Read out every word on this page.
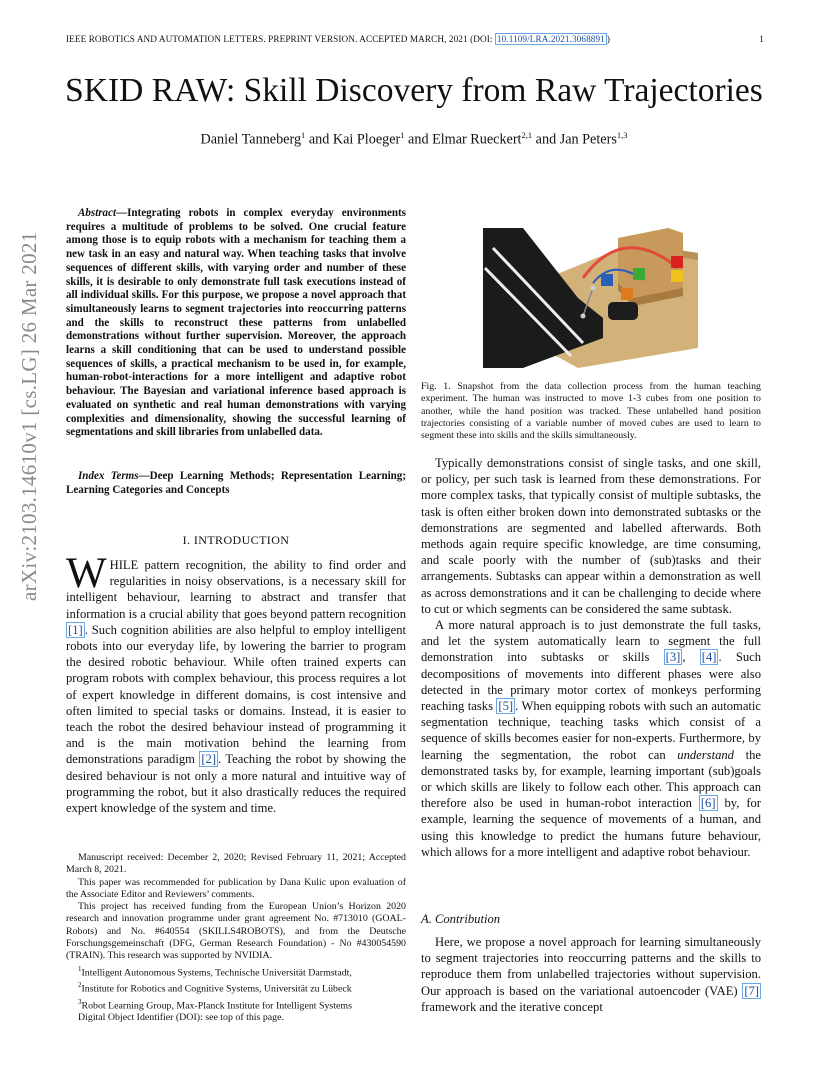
IEEE ROBOTICS AND AUTOMATION LETTERS. PREPRINT VERSION. ACCEPTED MARCH, 2021 (DOI: 10.1109/LRA.2021.3068891 )	1
SKID RAW: Skill Discovery from Raw Trajectories
Daniel Tanneberg$^1$ and Kai Ploeger$^1$ and Elmar Rueckert$^{2,1}$ and Jan Peters$^{1,3}$
arXiv:2103.14610v1 [cs.LG] 26 Mar 2021
Abstract—Integrating robots in complex everyday environments requires a multitude of problems to be solved. One crucial feature among those is to equip robots with a mechanism for teaching them a new task in an easy and natural way. When teaching tasks that involve sequences of different skills, with varying order and number of these skills, it is desirable to only demonstrate full task executions instead of all individual skills. For this purpose, we propose a novel approach that simultaneously learns to segment trajectories into reoccurring patterns and the skills to reconstruct these patterns from unlabelled demonstrations without further supervision. Moreover, the approach learns a skill conditioning that can be used to understand possible sequences of skills, a practical mechanism to be used in, for example, human-robot-interactions for a more intelligent and adaptive robot behaviour. The Bayesian and variational inference based approach is evaluated on synthetic and real human demonstrations with varying complexities and dimensionality, showing the successful learning of segmentations and skill libraries from unlabelled data.
Index Terms—Deep Learning Methods; Representation Learning; Learning Categories and Concepts
I. INTRODUCTION
WHILE pattern recognition, the ability to find order and regularities in noisy observations, is a necessary skill for intelligent behaviour, learning to abstract and transfer that information is a crucial ability that goes beyond pattern recognition [1] . Such cognition abilities are also helpful to employ intelligent robots into our everyday life, by lowering the barrier to program the desired robotic behaviour. While often trained experts can program robots with complex behaviour, this process requires a lot of expert knowledge in different domains, is cost intensive and often limited to special tasks or domains. Instead, it is easier to teach the robot the desired behaviour instead of programming it and is the main motivation behind the learning from demonstrations paradigm [2] . Teaching the robot by showing the desired behaviour is not only a more natural and intuitive way of programming the robot, but it also drastically reduces the required expert knowledge of the system and time.

Manuscript received: December 2, 2020; Revised February 11, 2021; Accepted March 8, 2021.

This paper was recommended for publication by Dana Kulic upon evaluation of the Associate Editor and Reviewers’ comments.

This project has received funding from the European Union’s Horizon 2020 research and innovation programme under grant agreement No. #713010 (GOAL-Robots) and No. #640554 (SKILLS4ROBOTS), and from the Deutsche Forschungsgemeinschaft (DFG, German Research Foundation) - No #430054590 (TRAIN). This research was supported by NVIDIA.

$^1$Intelligent Autonomous Systems, Technische Universität Darmstadt,

$^2$Institute for Robotics and Cognitive Systems, Universität zu Lübeck

$^3$Robot Learning Group, Max-Planck Institute for Intelligent Systems

Digital Object Identifier (DOI): see top of this page.

Fig. 1. Snapshot from the data collection process from the human teaching experiment. The human was instructed to move 1-3 cubes from one position to another, while the hand position was tracked. These unlabelled hand position trajectories consisting of a variable number of moved cubes are used to learn to segment these into skills and the skills simultaneously.

Typically demonstrations consist of single tasks, and one skill, or policy, per such task is learned from these demonstrations. For more complex tasks, that typically consist of multiple subtasks, the task is often either broken down into demonstrated subtasks or the demonstrations are segmented and labelled afterwards. Both methods again require specific knowledge, are time consuming, and scale poorly with the number of (sub)tasks and their arrangements. Subtasks can appear within a demonstration as well as across demonstrations and it can be challenging to decide where to cut or which segments can be considered the same subtask.

A more natural approach is to just demonstrate the full tasks, and let the system automatically learn to segment the full demonstration into subtasks or skills [3] , [4] . Such decompositions of movements into different phases were also detected in the primary motor cortex of monkeys performing reaching tasks [5] . When equipping robots with such an automatic segmentation technique, teaching tasks which consist of a sequence of skills becomes easier for non-experts. Furthermore, by learning the segmentation, the robot can understand the demonstrated tasks by, for example, learning important (sub)goals or which skills are likely to follow each other. This approach can therefore also be used in human-robot interaction [6] by, for example, learning the sequence of movements of a human, and using this knowledge to predict the humans future behaviour, which allows for a more intelligent and adaptive robot behaviour.

A. Contribution
Here, we propose a novel approach for learning simultaneously to segment trajectories into reoccurring patterns and the skills to reproduce them from unlabelled trajectories without supervision. Our approach is based on the variational autoencoder (VAE) [7] framework and the iterative concept
